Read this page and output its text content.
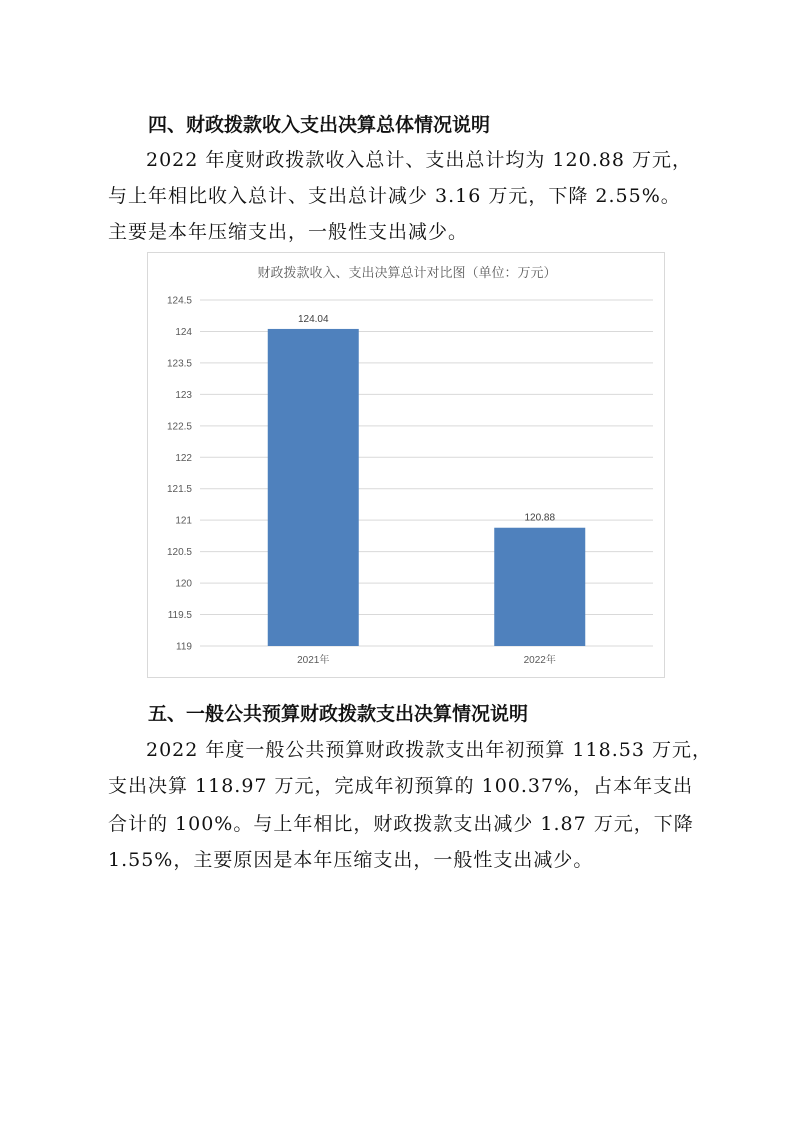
四、财政拨款收入支出决算总体情况说明
2022 年度财政拨款收入总计、支出总计均为 120.88 万元，
与上年相比收入总计、支出总计减少 3.16 万元，下降 2.55%。
主要是本年压缩支出，一般性支出减少。
财政拨款收入、支出决算总计对比图（单位：万元）
119
119.5
120
120.5
121
121.5
122
122.5
123
123.5
124
124.5
124.04
120.88
2021年	2022年
五、一般公共预算财政拨款支出决算情况说明
2022 年度一般公共预算财政拨款支出年初预算 118.53 万元，
支出决算 118.97 万元，完成年初预算的 100.37%，占本年支出
合计的 100%。与上年相比，财政拨款支出减少 1.87 万元，下降
1.55%，主要原因是本年压缩支出，一般性支出减少。
